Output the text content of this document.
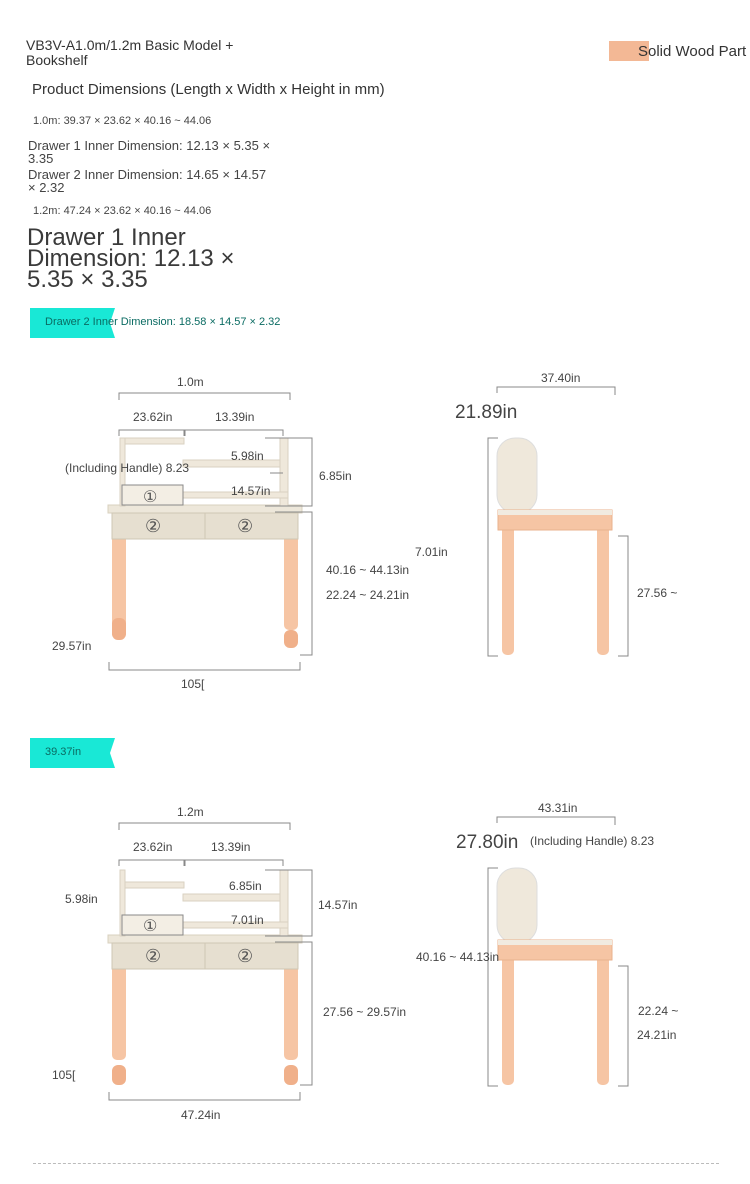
VB3V-A1.0m/1.2m Basic Model + Bookshelf	Solid Wood Part
Product Dimensions (Length x Width x Height in mm)
1.0m: 39.37 × 23.62 × 40.16 ~ 44.06
Drawer 1 Inner Dimension: 12.13 × 5.35 × 3.35
Drawer 2 Inner Dimension: 14.65 × 14.57 × 2.32
1.2m: 47.24 × 23.62 × 40.16 ~ 44.06
Drawer 1 Inner Dimension: 12.13 × 5.35 × 3.35
Drawer 2 Inner Dimension: 18.58 × 14.57 × 2.32
1.0m
23.62in	13.39in
(Including Handle) 8.23
5.98in
14.57in
6.85in
40.16 ~ 44.13in
22.24 ~ 24.21in
29.57in
105[
①
②	②
37.40in
21.89in
7.01in
27.56 ~
39.37in
1.2m
23.62in	13.39in
5.98in
6.85in
7.01in
14.57in
27.56 ~ 29.57in
105[
47.24in
①
②	②
43.31in
27.80in (Including Handle) 8.23
40.16 ~ 44.13in
22.24 ~
24.21in
